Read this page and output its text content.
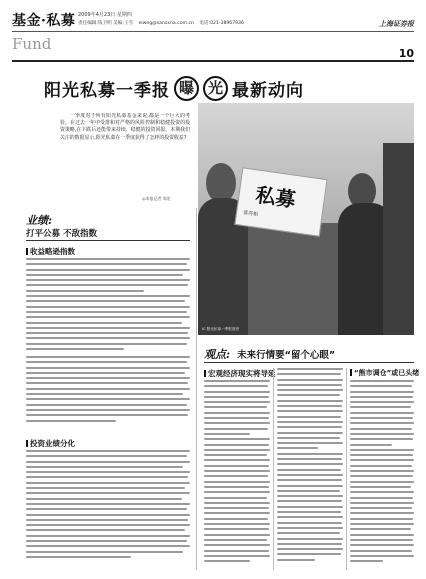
基金·私募 2009年4月23日 星期四
责任编辑:钱卫明 美编:王雪 eiweg@sansxna.com.cn 电话:021-38967936	上海证券报
Fund
10
阳光私募一季报 曝 光 最新动向
一季度对于所有阳光私募基金来说,都是一个巨大的考验。在过去一年中受排和对严格的风险控制和稳健投资的投资策略,在下跌后还能带来持续、稳健的投资回报。本期我们关注的数据显示,阳光私募在一季度获得了怎样的投资收益?
◎本报记者 周宏	私募
富亮相
IC 阳光私募一季报面世
业绩:
打平公募 不敌指数
收益略逊指数
投资业绩分化
观点: 未来行情要“留个心眼”
宏观经济现实将导延	“熊市调仓”或已头绪
